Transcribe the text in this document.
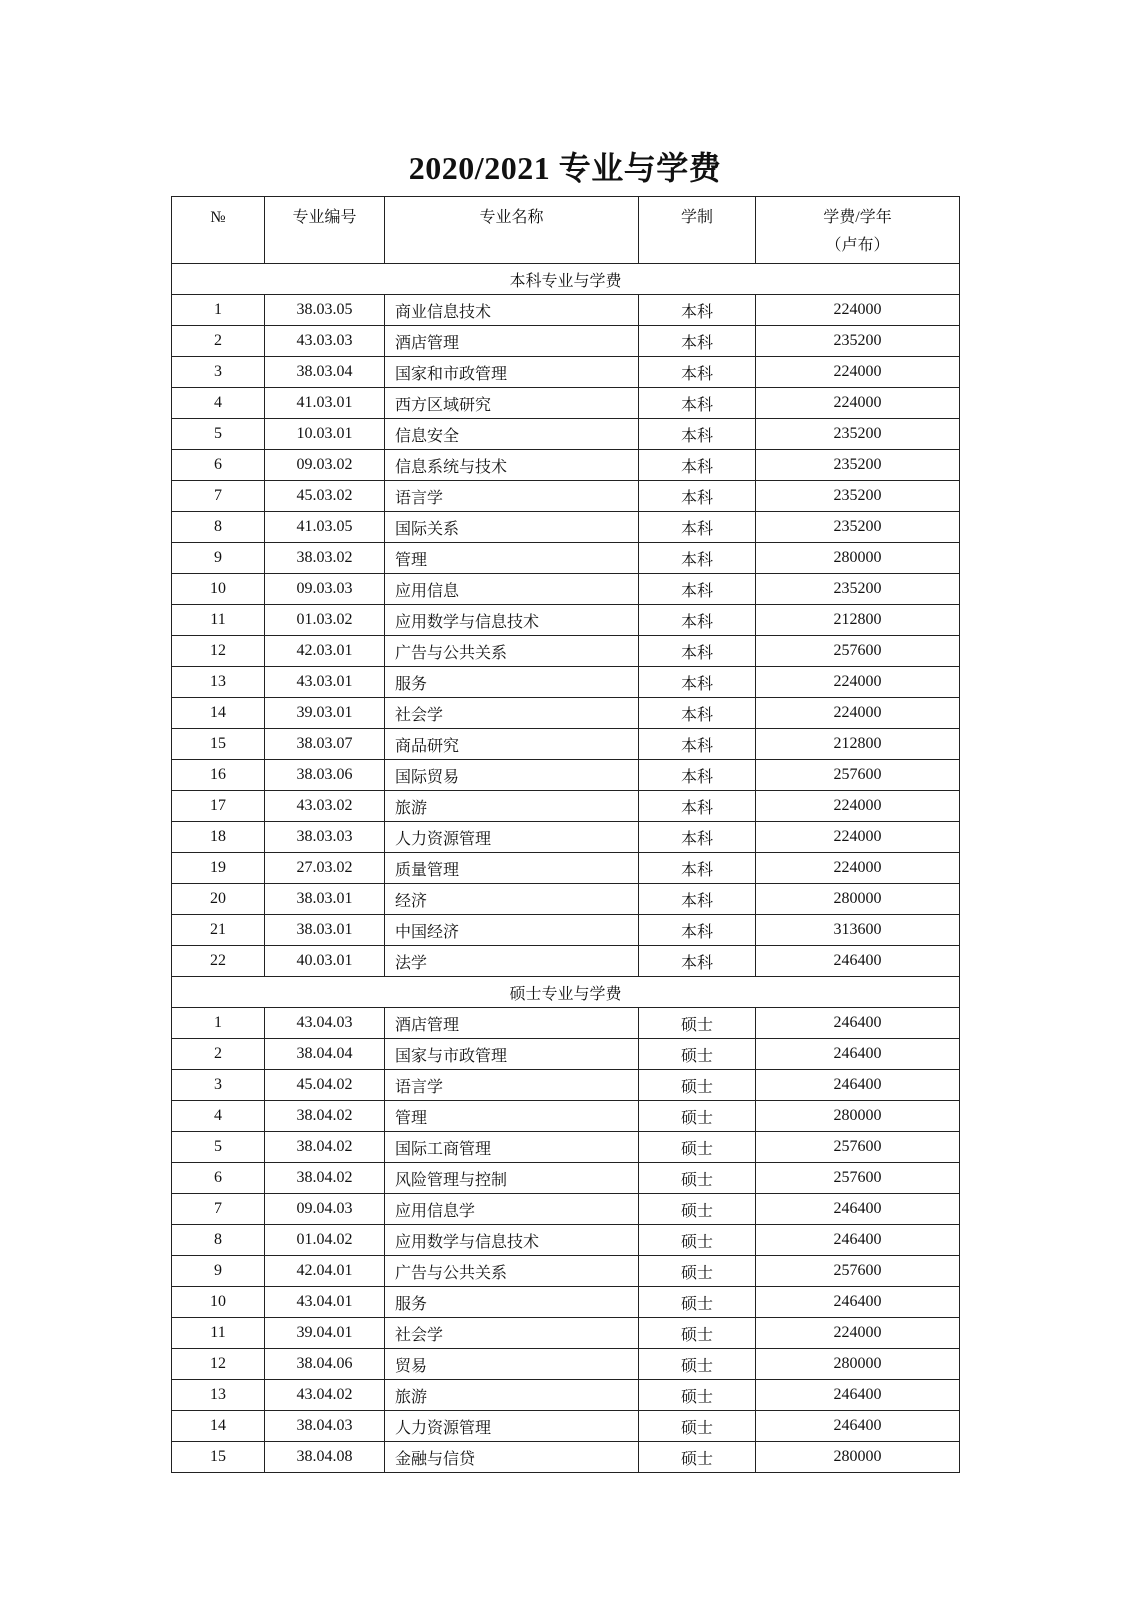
2020/2021 专业与学费
№	专业编号	专业名称	学制	学费/学年
（卢布）

本科专业与学费				
1	38.03.05	商业信息技术	本科	224000
2	43.03.03	酒店管理	本科	235200
3	38.03.04	国家和市政管理	本科	224000
4	41.03.01	西方区域研究	本科	224000
5	10.03.01	信息安全	本科	235200
6	09.03.02	信息系统与技术	本科	235200
7	45.03.02	语言学	本科	235200
8	41.03.05	国际关系	本科	235200
9	38.03.02	管理	本科	280000
10	09.03.03	应用信息	本科	235200
11	01.03.02	应用数学与信息技术	本科	212800
12	42.03.01	广告与公共关系	本科	257600
13	43.03.01	服务	本科	224000
14	39.03.01	社会学	本科	224000
15	38.03.07	商品研究	本科	212800
16	38.03.06	国际贸易	本科	257600
17	43.03.02	旅游	本科	224000
18	38.03.03	人力资源管理	本科	224000
19	27.03.02	质量管理	本科	224000
20	38.03.01	经济	本科	280000
21	38.03.01	中国经济	本科	313600
22	40.03.01	法学	本科	246400
硕士专业与学费				
1	43.04.03	酒店管理	硕士	246400
2	38.04.04	国家与市政管理	硕士	246400
3	45.04.02	语言学	硕士	246400
4	38.04.02	管理	硕士	280000
5	38.04.02	国际工商管理	硕士	257600
6	38.04.02	风险管理与控制	硕士	257600
7	09.04.03	应用信息学	硕士	246400
8	01.04.02	应用数学与信息技术	硕士	246400
9	42.04.01	广告与公共关系	硕士	257600
10	43.04.01	服务	硕士	246400
11	39.04.01	社会学	硕士	224000
12	38.04.06	贸易	硕士	280000
13	43.04.02	旅游	硕士	246400
14	38.04.03	人力资源管理	硕士	246400
15	38.04.08	金融与信贷	硕士	280000
